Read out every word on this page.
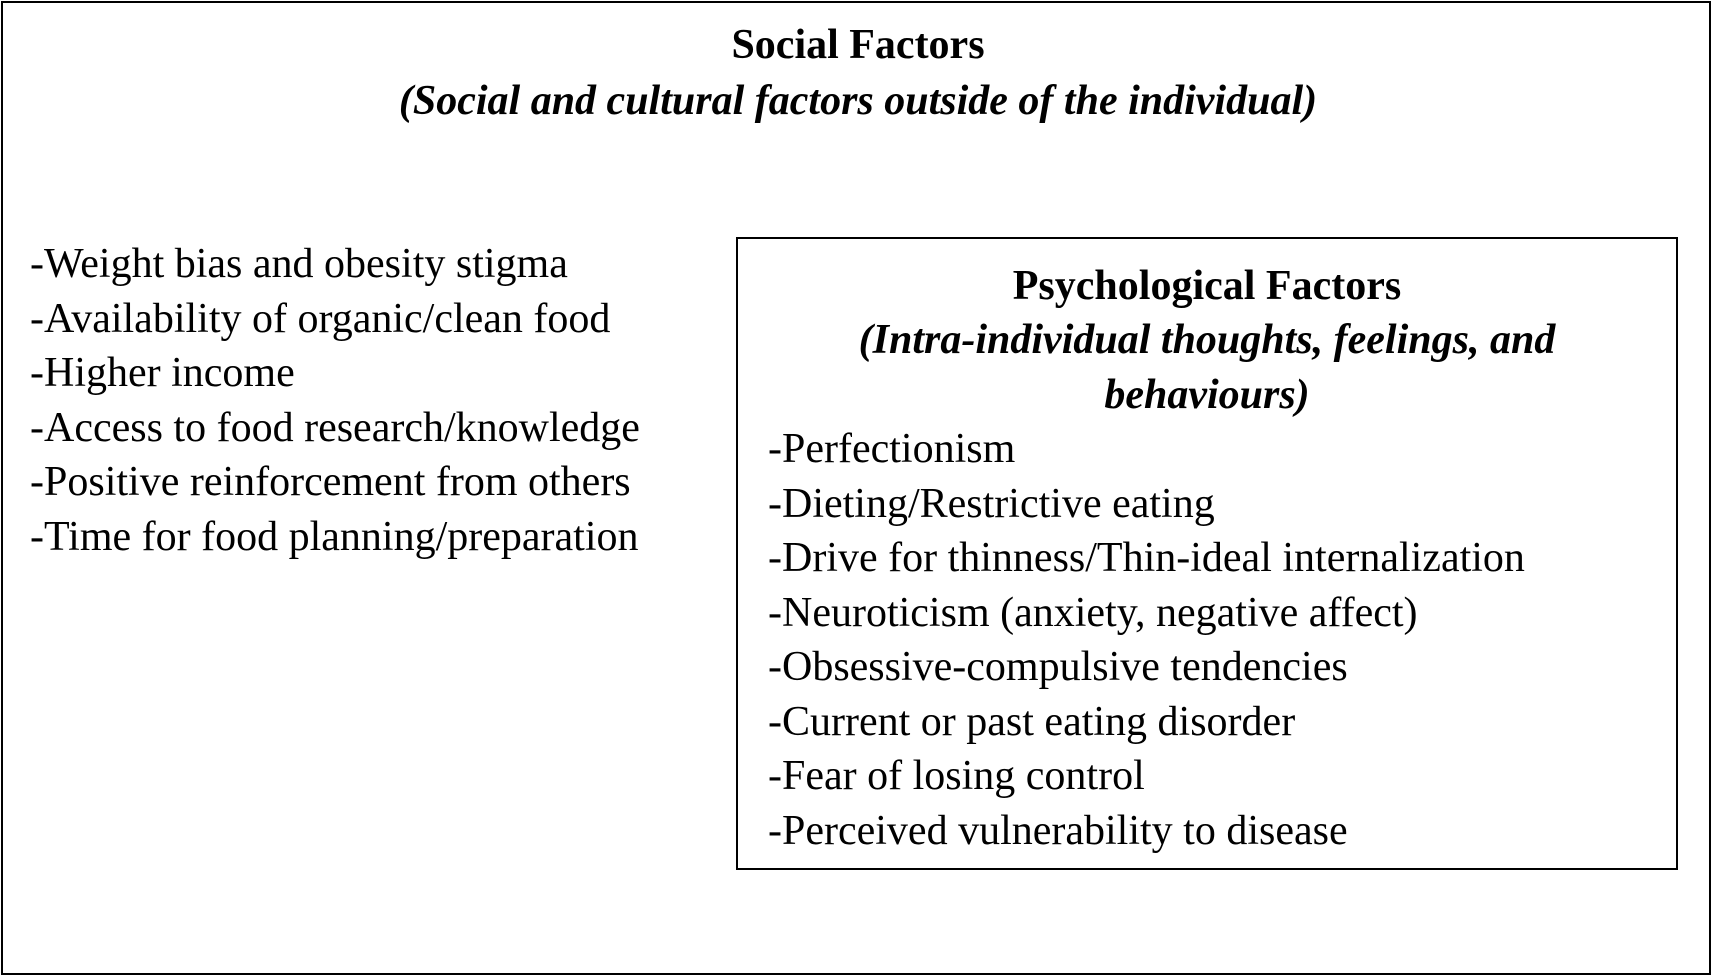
Social Factors
(Social and cultural factors outside of the individual)
-Weight bias and obesity stigma
-Availability of organic/clean food
-Higher income
-Access to food research/knowledge
-Positive reinforcement from others
-Time for food planning/preparation
Psychological Factors
(Intra-individual thoughts, feelings, and behaviours)
-Perfectionism
-Dieting/Restrictive eating
-Drive for thinness/Thin-ideal internalization
-Neuroticism (anxiety, negative affect)
-Obsessive-compulsive tendencies
-Current or past eating disorder
-Fear of losing control
-Perceived vulnerability to disease
